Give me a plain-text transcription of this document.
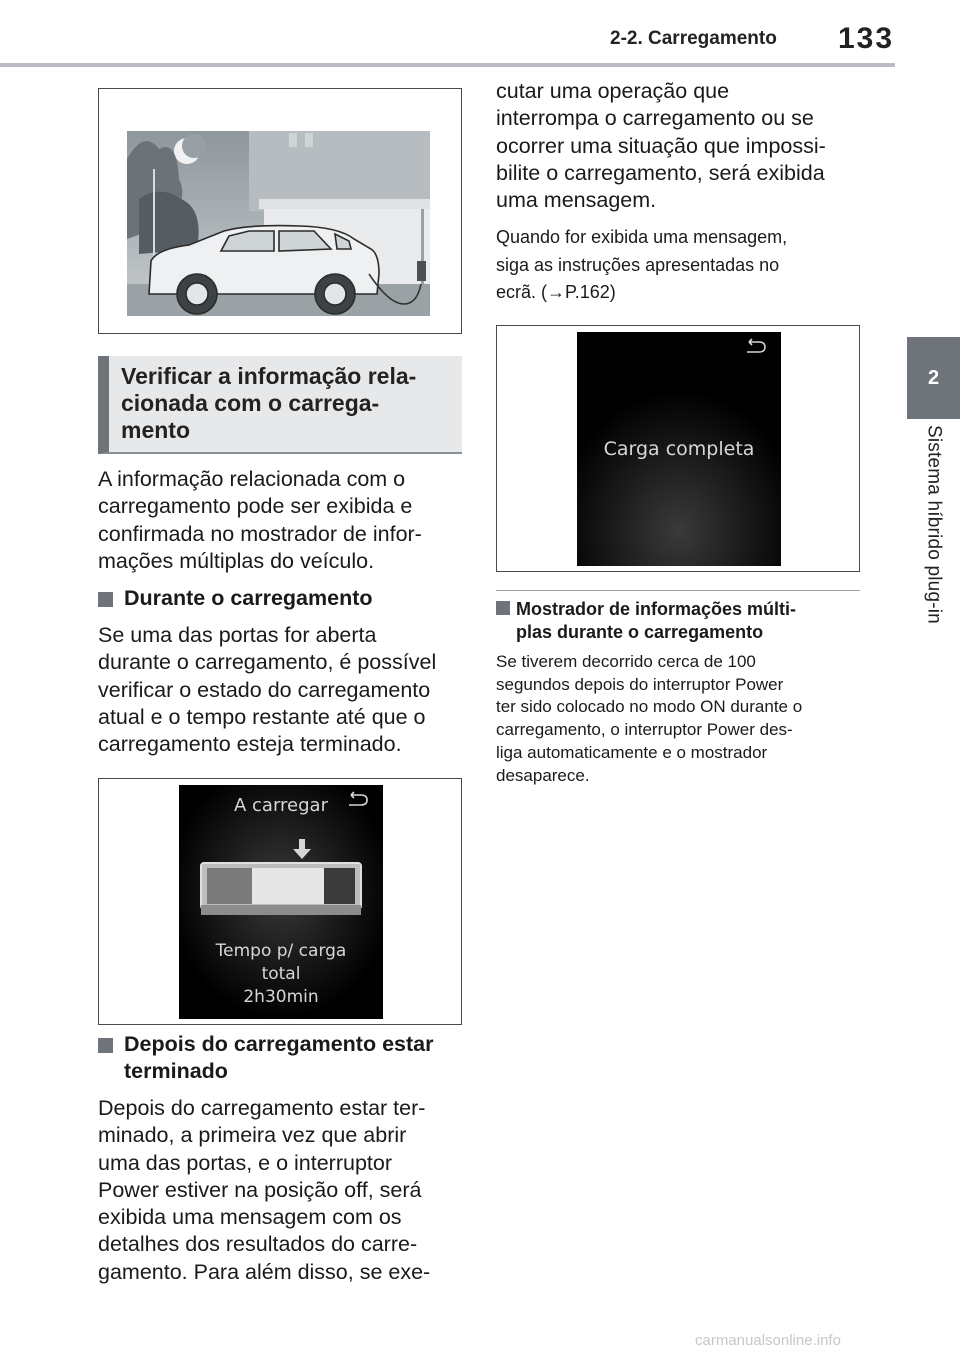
2-2. Carregamento 133
2
Sistema híbrido plug-in
Verificar a informação rela-
cionada com o carrega-
mento
A informação relacionada com o
carregamento pode ser exibida e
confirmada no mostrador de infor-
mações múltiplas do veículo.
Durante o carregamento
Se uma das portas for aberta
durante o carregamento, é possível
verificar o estado do carregamento
atual e o tempo restante até que o
carregamento esteja terminado.
A carregar
Tempo p/ carga
total
2h30min
Depois do carregamento estar
terminado
Depois do carregamento estar ter-
minado, a primeira vez que abrir
uma das portas, e o interruptor
Power estiver na posição off, será
exibida uma mensagem com os
detalhes dos resultados do carre-
gamento. Para além disso, se exe-
cutar uma operação que
interrompa o carregamento ou se
ocorrer uma situação que impossi-
bilite o carregamento, será exibida
uma mensagem.
Quando for exibida uma mensagem,
siga as instruções apresentadas no
ecrã. (→P.162)
Carga completa
Mostrador de informações múlti-
plas durante o carregamento
Se tiverem decorrido cerca de 100
segundos depois do interruptor Power
ter sido colocado no modo ON durante o
carregamento, o interruptor Power des-
liga automaticamente e o mostrador
desaparece.
carmanualsonline.info
